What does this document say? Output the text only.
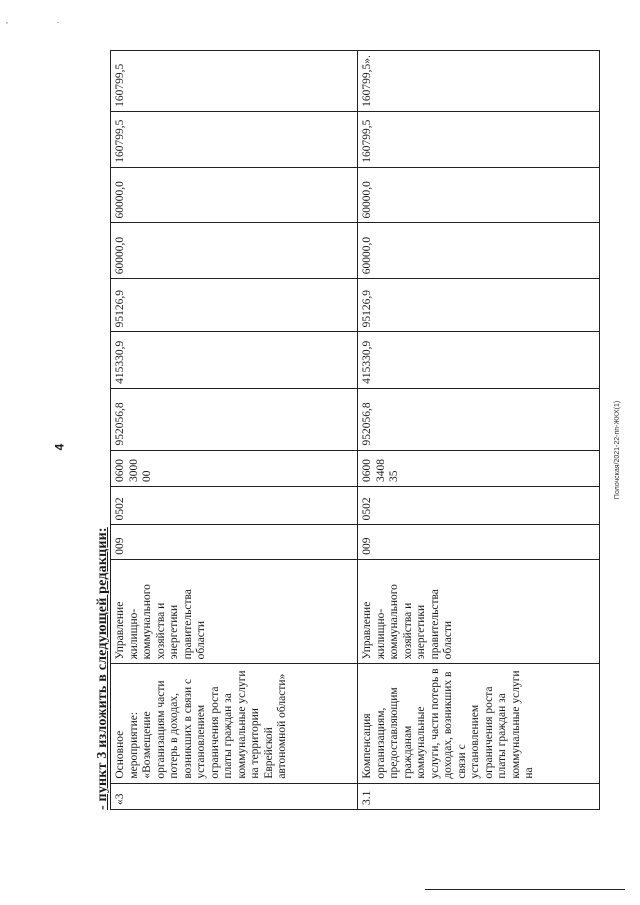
,	.
4	Полочская/2021-22-пп-ЖКХ(1)
- пункт 3 изложить в следующей редакции: «3	Основное мероприятие: «Возмещение организациям части потерь в доходах, возникших в связи с установлением ограничения роста платы граждан за коммунальные услуги на территории Еврейской автономной области»	Управление жилищно-коммунального хозяйства и энергетики правительства области	009	0502	0600 3000 00	952056,8	415330,9	95126,9	60000,0	60000,0	160799,5	160799,5
3.1	Компенсация организациям, предоставляющим гражданам коммунальные услуги, части потерь в доходах, возникших в связи с установлением ограничения роста платы граждан за коммунальные услуги на	Управление жилищно-коммунального хозяйства и энергетики правительства области	009	0502	0600 3408 35	952056,8	415330,9	95126,9	60000,0	60000,0	160799,5	160799,5».
